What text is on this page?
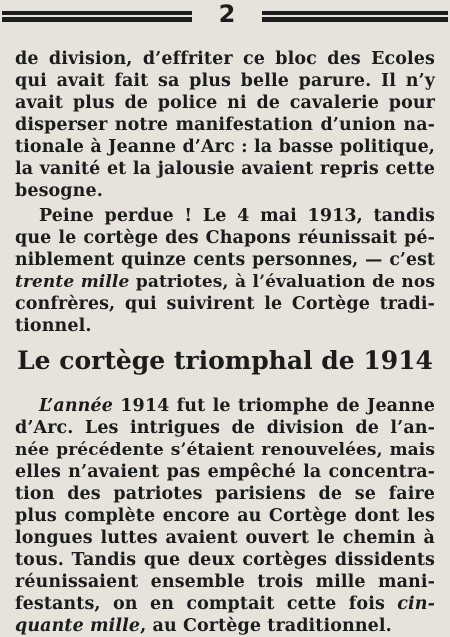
2
de division, d’effriter ce bloc des Ecoles
qui avait fait sa plus belle parure. Il n’y
avait plus de police ni de cavalerie pour
disperser notre manifestation d’union na-
tionale à Jeanne d’Arc : la basse politique,
la vanité et la jalousie avaient repris cette
besogne.
Peine perdue ! Le 4 mai 1913, tandis
que le cortège des Chapons réunissait pé-
niblement quinze cents personnes, — c’est
trente mille patriotes, à l’évaluation de nos
confrères, qui suivirent le Cortège tradi-
tionnel.
Le cortège triomphal de 1914
L’année 1914 fut le triomphe de Jeanne
d’Arc. Les intrigues de division de l’an-
née précédente s’étaient renouvelées, mais
elles n’avaient pas empêché la concentra-
tion des patriotes parisiens de se faire
plus complète encore au Cortège dont les
longues luttes avaient ouvert le chemin à
tous. Tandis que deux cortèges dissidents
réunissaient ensemble trois mille mani-
festants, on en comptait cette fois cin-
quante mille, au Cortège traditionnel.
